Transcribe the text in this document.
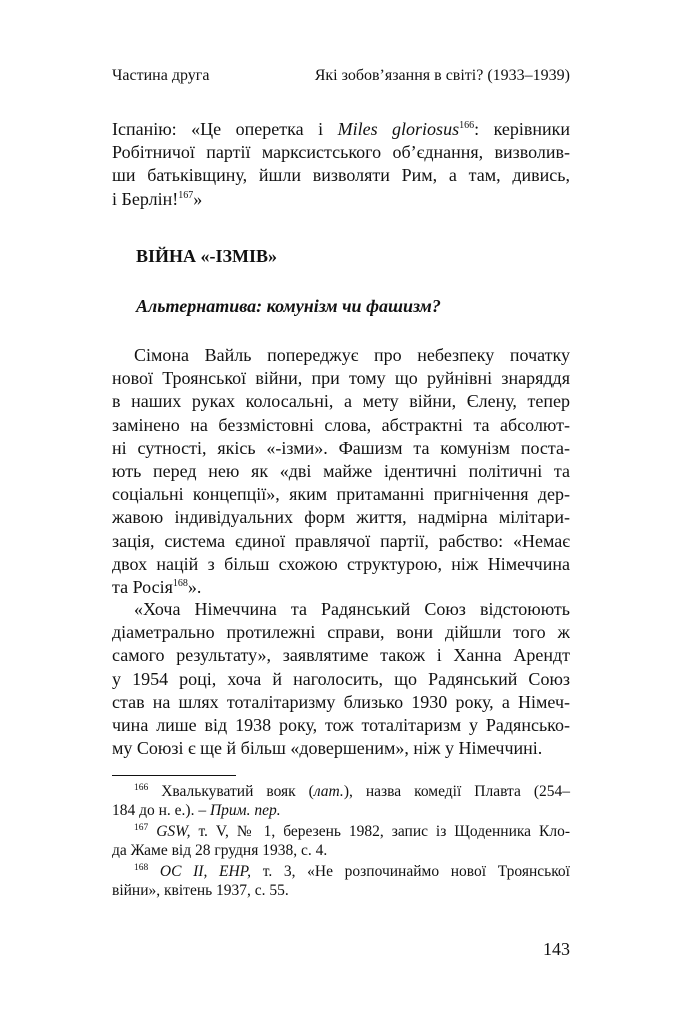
Частина друга	Які зобов’язання в світі? (1933–1939)
Іспанію: «Це оперетка і Miles gloriosus$^{166}$: керівники
Робітничої партії марксистського об’єднання, визволив-
ши батьківщину, йшли визволяти Рим, а там, дивись,
і Берлін!$^{167}$»
ВІЙНА «-ІЗМІВ»
Альтернатива: комунізм чи фашизм?
Сімона Вайль попереджує про небезпеку початку
нової Троянської війни, при тому що руйнівні знаряддя
в наших руках колосальні, а мету війни, Єлену, тепер
замінено на беззмістовні слова, абстрактні та абсолют-
ні сутності, якісь «-ізми». Фашизм та комунізм поста-
ють перед нею як «дві майже ідентичні політичні та
соціальні концепції», яким притаманні пригнічення дер-
жавою індивідуальних форм життя, надмірна мілітари-
зація, система єдиної правлячої партії, рабство: «Немає
двох націй з більш схожою структурою, ніж Німеччина
та Росія$^{168}$».
«Хоча Німеччина та Радянський Союз відстоюють
діаметрально протилежні справи, вони дійшли того ж
самого результату», заявлятиме також і Ханна Арендт
у 1954 році, хоча й наголосить, що Радянський Союз
став на шлях тоталітаризму близько 1930 року, а Німеч-
чина лише від 1938 року, тож тоталітаризм у Радянсько-
му Союзі є ще й більш «довершеним», ніж у Німеччині.
$^{166}$ Хвалькуватий вояк (лат.), назва комедії Плавта (254–
184 до н. е.). – Прим. пер.
$^{167}$ GSW, т. V, № 1, березень 1982, запис із Щоденника Кло-
да Жаме від 28 грудня 1938, с. 4.
$^{168}$ OC II, EHP, т. 3, «Не розпочинаймо нової Троянської
війни», квітень 1937, с. 55.
143
